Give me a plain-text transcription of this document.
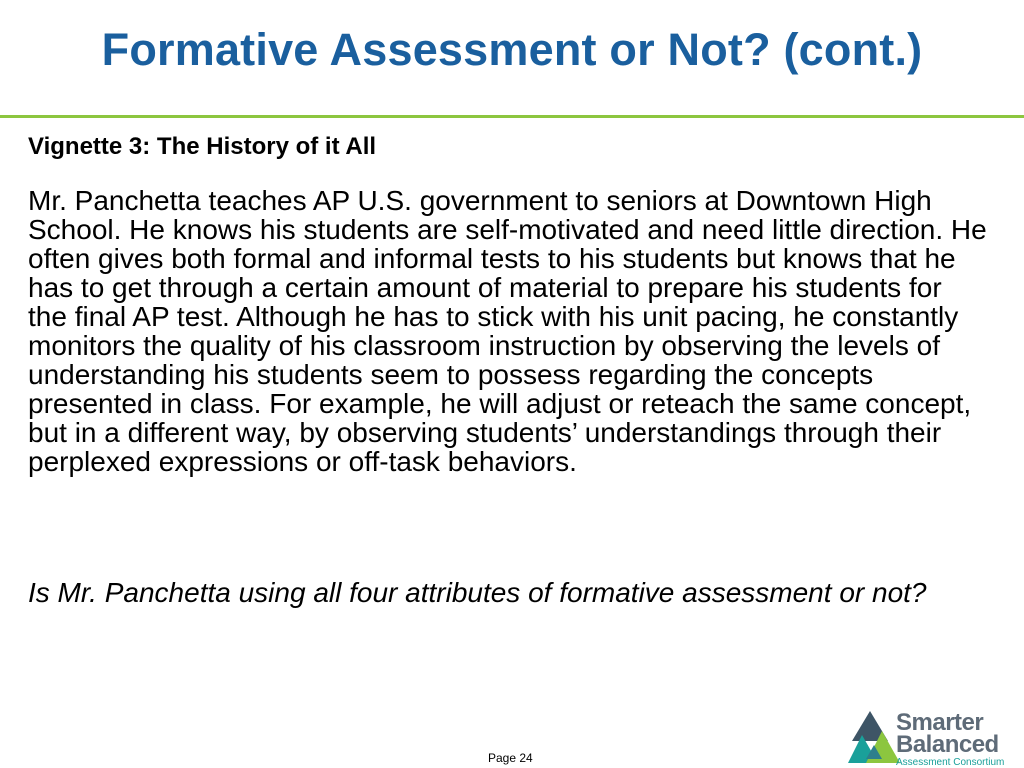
Formative Assessment or Not? (cont.)
Vignette 3: The History of it All

Mr. Panchetta teaches AP U.S. government to seniors at Downtown High School. He knows his students are self-motivated and need little direction. He often gives both formal and informal tests to his students but knows that he has to get through a certain amount of material to prepare his students for the final AP test. Although he has to stick with his unit pacing, he constantly monitors the quality of his classroom instruction by observing the levels of understanding his students seem to possess regarding the concepts presented in class. For example, he will adjust or reteach the same concept, but in a different way, by observing students’ understandings through their perplexed expressions or off-task behaviors.

Is Mr. Panchetta using all four attributes of formative assessment or not?

Page 24
Smarter
Balanced
Assessment Consortium
